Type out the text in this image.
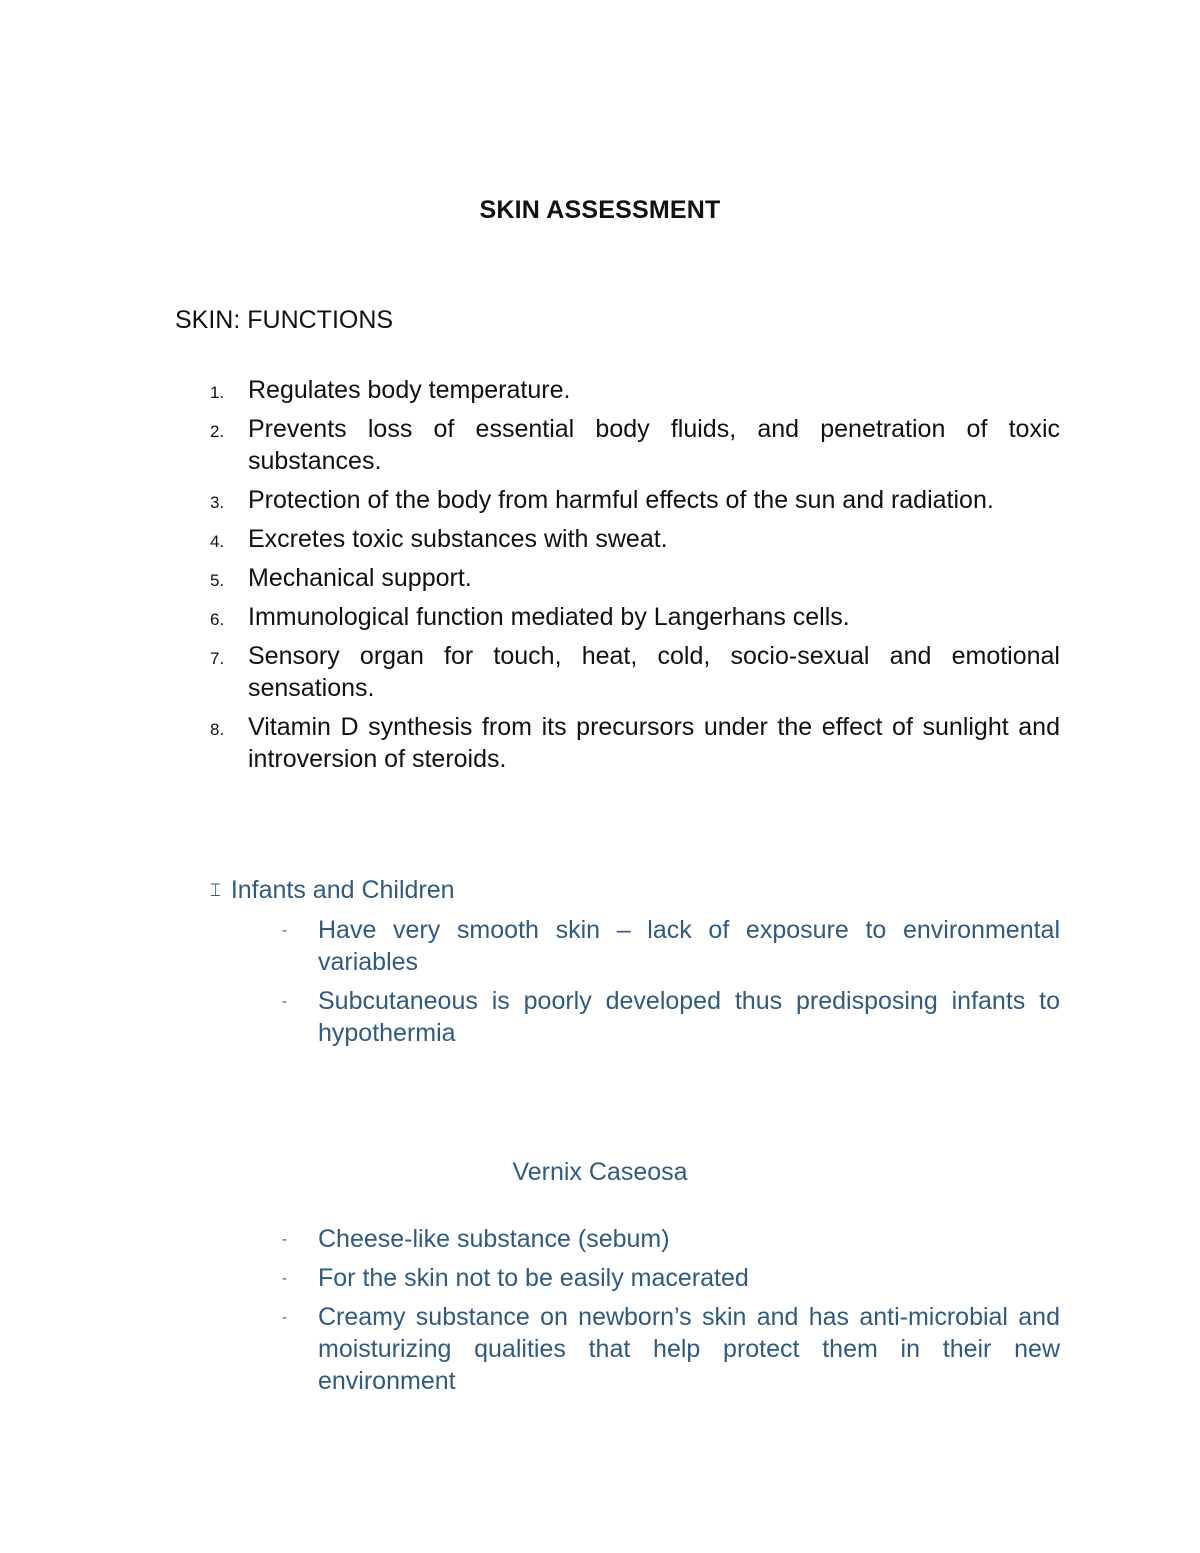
SKIN ASSESSMENT
SKIN: FUNCTIONS
1. Regulates body temperature.
2. Prevents loss of essential body fluids, and penetration of toxic substances.
3. Protection of the body from harmful effects of the sun and radiation.
4. Excretes toxic substances with sweat.
5. Mechanical support.
6. Immunological function mediated by Langerhans cells.
7. Sensory organ for touch, heat, cold, socio-sexual and emotional sensations.
8. Vitamin D synthesis from its precursors under the effect of sunlight and introversion of steroids.
⌶ Infants and Children
- Have very smooth skin – lack of exposure to environmental variables
- Subcutaneous is poorly developed thus predisposing infants to hypothermia
Vernix Caseosa
- Cheese-like substance (sebum)
- For the skin not to be easily macerated
- Creamy substance on newborn’s skin and has anti-microbial and moisturizing qualities that help protect them in their new environment
